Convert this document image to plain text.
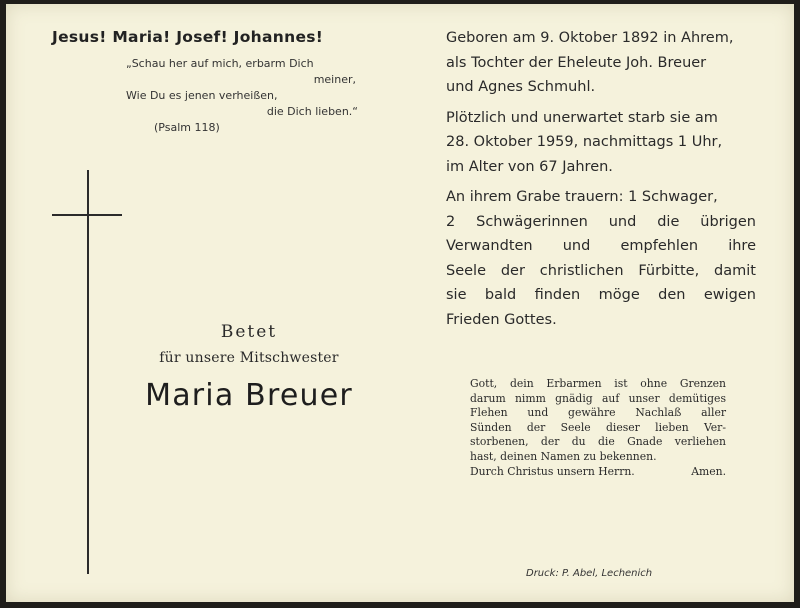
Jesus! Maria! Josef! Johannes!
„Schau her auf mich, erbarm Dich
meiner,
Wie Du es jenen verheißen,
die Dich lieben.“
(Psalm 118)
Betet
für unsere Mitschwester
Maria Breuer
Geboren am 9. Oktober 1892 in Ahrem,
als Tochter der Eheleute Joh. Breuer
und Agnes Schmuhl.
Plötzlich und unerwartet starb sie am
28. Oktober 1959, nachmittags 1 Uhr,
im Alter von 67 Jahren.
An ihrem Grabe trauern: 1 Schwager,
2 Schwägerinnen und die übrigen
Verwandten und empfehlen ihre
Seele der christlichen Fürbitte, damit
sie bald finden möge den ewigen
Frieden Gottes.
Gott, dein Erbarmen ist ohne Grenzen
darum nimm gnädig auf unser demütiges
Flehen und gewähre Nachlaß aller
Sünden der Seele dieser lieben Ver-
storbenen, der du die Gnade verliehen
hast, deinen Namen zu bekennen.
Durch Christus unsern Herrn.	Amen.
Druck: P. Abel, Lechenich
